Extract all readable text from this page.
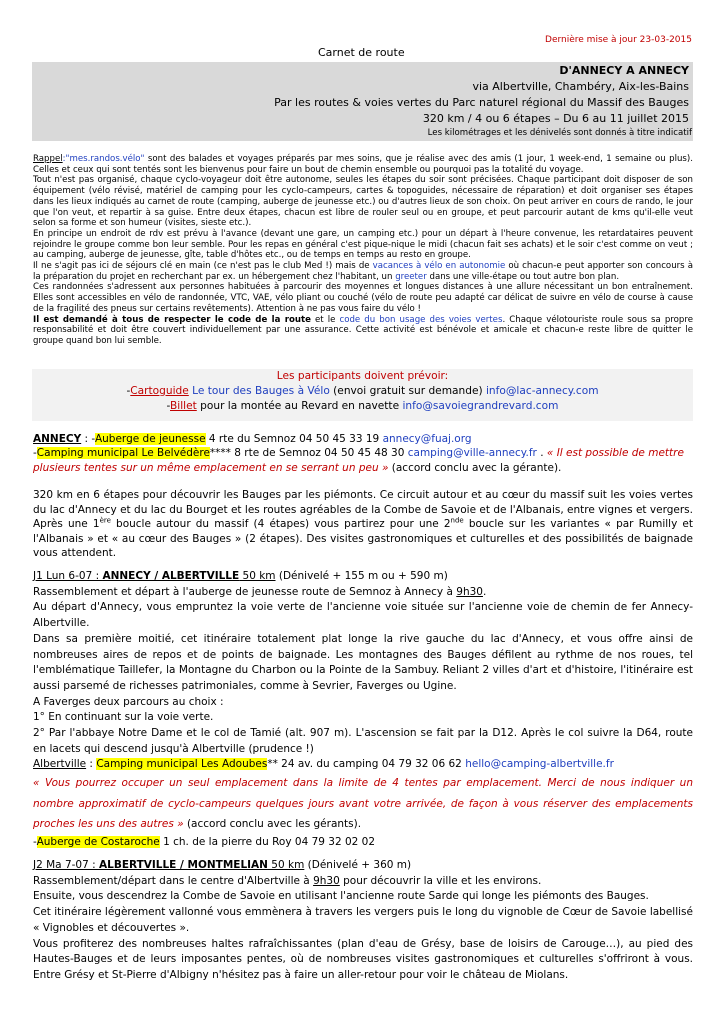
Dernière mise à jour 23-03-2015
Carnet de route
D'ANNECY A ANNECY
via Albertville, Chambéry, Aix-les-Bains
Par les routes & voies vertes du Parc naturel régional du Massif des Bauges
320 km / 4 ou 6 étapes – Du 6 au 11 juillet 2015
Les kilométrages et les dénivelés sont donnés à titre indicatif

Rappel:"mes.randos.vélo" sont des balades et voyages préparés par mes soins, que je réalise avec des amis (1 jour, 1 week-end, 1 semaine ou plus). Celles et ceux qui sont tentés sont les bienvenus pour faire un bout de chemin ensemble ou pourquoi pas la totalité du voyage.

Tout n'est pas organisé, chaque cyclo-voyageur doit être autonome, seules les étapes du soir sont précisées. Chaque participant doit disposer de son équipement (vélo révisé, matériel de camping pour les cyclo-campeurs, cartes & topoguides, nécessaire de réparation) et doit organiser ses étapes dans les lieux indiqués au carnet de route (camping, auberge de jeunesse etc.) ou d'autres lieux de son choix. On peut arriver en cours de rando, le jour que l'on veut, et repartir à sa guise. Entre deux étapes, chacun est libre de rouler seul ou en groupe, et peut parcourir autant de kms qu'il-elle veut selon sa forme et son humeur (visites, sieste etc.).

En principe un endroit de rdv est prévu à l'avance (devant une gare, un camping etc.) pour un départ à l'heure convenue, les retardataires peuvent rejoindre le groupe comme bon leur semble. Pour les repas en général c'est pique-nique le midi (chacun fait ses achats) et le soir c'est comme on veut ; au camping, auberge de jeunesse, gîte, table d'hôtes etc., ou de temps en temps au resto en groupe.

Il ne s'agit pas ici de séjours clé en main (ce n'est pas le club Med !) mais de vacances à vélo en autonomie où chacun-e peut apporter son concours à la préparation du projet en recherchant par ex. un hébergement chez l'habitant, un greeter dans une ville-étape ou tout autre bon plan.

Ces randonnées s'adressent aux personnes habituées à parcourir des moyennes et longues distances à une allure nécessitant un bon entraînement. Elles sont accessibles en vélo de randonnée, VTC, VAE, vélo pliant ou couché (vélo de route peu adapté car délicat de suivre en vélo de course à cause de la fragilité des pneus sur certains revêtements). Attention à ne pas vous faire du vélo !

Il est demandé à tous de respecter le code de la route et le code du bon usage des voies vertes. Chaque vélotouriste roule sous sa propre responsabilité et doit être couvert individuellement par une assurance. Cette activité est bénévole et amicale et chacun-e reste libre de quitter le groupe quand bon lui semble.

Les participants doivent prévoir:
-Cartoguide Le tour des Bauges à Vélo (envoi gratuit sur demande) info@lac-annecy.com
-Billet pour la montée au Revard en navette info@savoiegrandrevard.com
ANNECY : -Auberge de jeunesse 4 rte du Semnoz 04 50 45 33 19 annecy@fuaj.org
-Camping municipal Le Belvédère**** 8 rte de Semnoz 04 50 45 48 30 camping@ville-annecy.fr . « Il est possible de mettre plusieurs tentes sur un même emplacement en se serrant un peu » (accord conclu avec la gérante).
320 km en 6 étapes pour découvrir les Bauges par les piémonts. Ce circuit autour et au cœur du massif suit les voies vertes du lac d'Annecy et du lac du Bourget et les routes agréables de la Combe de Savoie et de l'Albanais, entre vignes et vergers. Après une 1ère boucle autour du massif (4 étapes) vous partirez pour une 2nde boucle sur les variantes « par Rumilly et l'Albanais » et « au cœur des Bauges » (2 étapes). Des visites gastronomiques et culturelles et des possibilités de baignade vous attendent.

J1 Lun 6-07 : ANNECY / ALBERTVILLE 50 km (Dénivelé + 155 m ou + 590 m)

Rassemblement et départ à l'auberge de jeunesse route de Semnoz à Annecy à 9h30.

Au départ d'Annecy, vous empruntez la voie verte de l'ancienne voie située sur l'ancienne voie de chemin de fer Annecy-Albertville.

Dans sa première moitié, cet itinéraire totalement plat longe la rive gauche du lac d'Annecy, et vous offre ainsi de nombreuses aires de repos et de points de baignade. Les montagnes des Bauges défilent au rythme de nos roues, tel l'emblématique Taillefer, la Montagne du Charbon ou la Pointe de la Sambuy. Reliant 2 villes d'art et d'histoire, l'itinéraire est aussi parsemé de richesses patrimoniales, comme à Sevrier, Faverges ou Ugine.

A Faverges deux parcours au choix :

1° En continuant sur la voie verte.

2° Par l'abbaye Notre Dame et le col de Tamié (alt. 907 m). L'ascension se fait par la D12. Après le col suivre la D64, route en lacets qui descend jusqu'à Albertville (prudence !)

Albertville : Camping municipal Les Adoubes** 24 av. du camping 04 79 32 06 62 hello@camping-albertville.fr

« Vous pourrez occuper un seul emplacement dans la limite de 4 tentes par emplacement. Merci de nous indiquer un nombre approximatif de cyclo-campeurs quelques jours avant votre arrivée, de façon à vous réserver des emplacements proches les uns des autres » (accord conclu avec les gérants).

-Auberge de Costaroche 1 ch. de la pierre du Roy 04 79 32 02 02

J2 Ma 7-07 : ALBERTVILLE / MONTMELIAN 50 km (Dénivelé + 360 m)

Rassemblement/départ dans le centre d'Albertville à 9h30 pour découvrir la ville et les environs.

Ensuite, vous descendrez la Combe de Savoie en utilisant l'ancienne route Sarde qui longe les piémonts des Bauges.

Cet itinéraire légèrement vallonné vous emmènera à travers les vergers puis le long du vignoble de Cœur de Savoie labellisé « Vignobles et découvertes ».

Vous profiterez des nombreuses haltes rafraîchissantes (plan d'eau de Grésy, base de loisirs de Carouge…), au pied des Hautes-Bauges et de leurs imposantes pentes, où de nombreuses visites gastronomiques et culturelles s'offriront à vous. Entre Grésy et St-Pierre d'Albigny n'hésitez pas à faire un aller-retour pour voir le château de Miolans.
